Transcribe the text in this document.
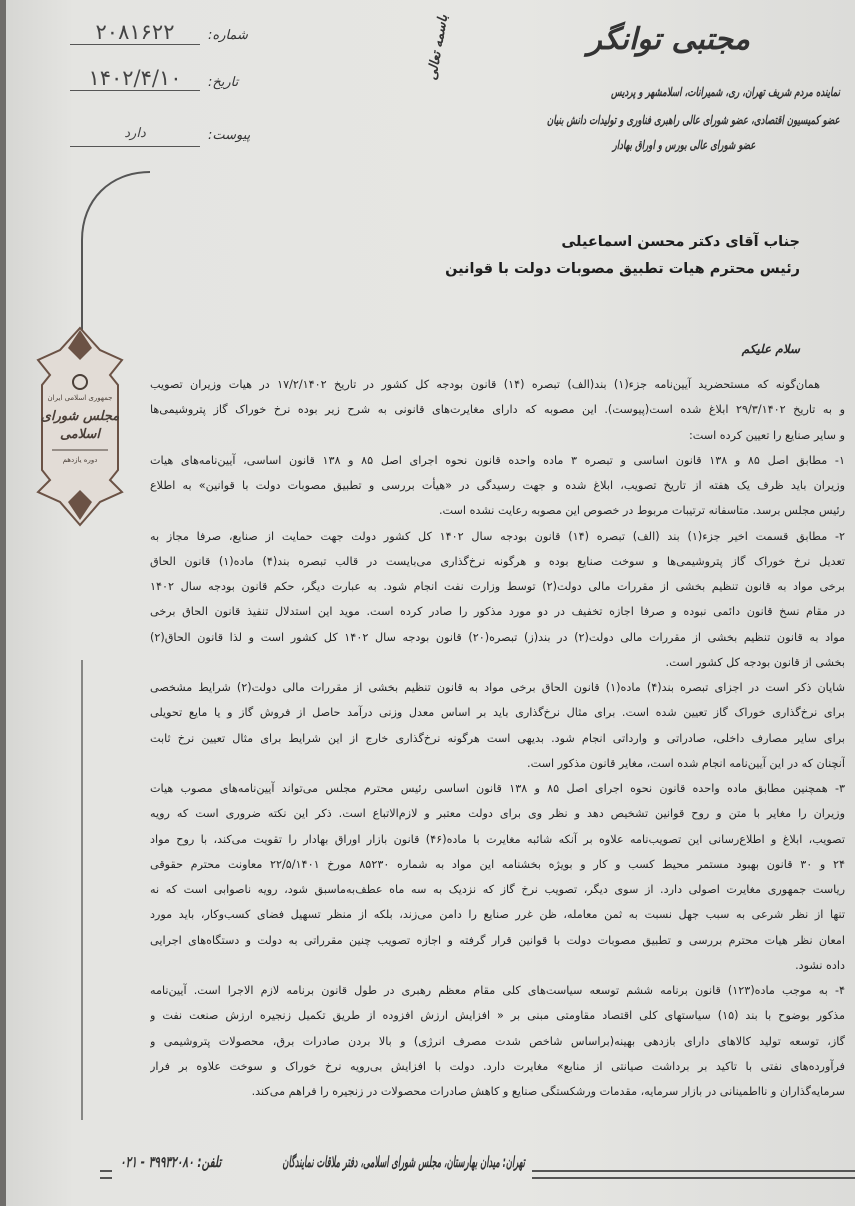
مجتبی توانگر
نماینده مردم شریف تهران، ری، شمیرانات، اسلامشهر و پردیس
عضو کمیسیون اقتصادی، عضو شورای عالی راهبری فناوری و تولیدات دانش بنیان
عضو شورای عالی بورس و اوراق بهادار
باسمه تعالی
شماره:
۲۰۸۱۶۲۲
تاریخ:
۱۴۰۲/۴/۱۰
پیوست:
دارد
جمهوری اسلامی ایران
مجلس شورای اسلامی
دوره یازدهم
جناب آقای دکتر محسن اسماعیلی
رئیس محترم هیات تطبیق مصوبات دولت با قوانین
سلام علیکم
همان‌گونه که مستحضرید آیین‌نامه جزء(۱) بند(الف) تبصره (۱۴) قانون بودجه کل کشور در تاریخ ۱۷/۲/۱۴۰۲ در هیات وزیران تصویب
و به تاریخ ۲۹/۳/۱۴۰۲ ابلاغ شده است(پیوست). این مصوبه که دارای مغایرت‌های قانونی به شرح زیر بوده نرخ خوراک گاز پتروشیمی‌ها
و سایر صنایع را تعیین کرده است:
۱- مطابق اصل ۸۵ و ۱۳۸ قانون اساسی و تبصره ۳ ماده واحده قانون نحوه اجرای اصل ۸۵ و ۱۳۸ قانون اساسی، آیین‌نامه‌های هیات
وزیران باید ظرف یک هفته از تاریخ تصویب، ابلاغ شده و جهت رسیدگی در «هیأت بررسی و تطبیق مصوبات دولت با قوانین» به اطلاع
رئیس مجلس برسد. متاسفانه ترتیبات مربوط در خصوص این مصوبه رعایت نشده است.
۲- مطابق قسمت اخیر جزء(۱) بند (الف) تبصره (۱۴) قانون بودجه سال ۱۴۰۲ کل کشور دولت جهت حمایت از صنایع، صرفا مجاز به
تعدیل نرخ خوراک گاز پتروشیمی‌ها و سوخت صنایع بوده و هرگونه نرخ‌گذاری می‌بایست در قالب تبصره بند(۴) ماده(۱) قانون الحاق
برخی مواد به قانون تنظیم بخشی از مقررات مالی دولت(۲) توسط وزارت نفت انجام شود. به عبارت دیگر، حکم قانون بودجه سال ۱۴۰۲
در مقام نسخ قانون دائمی نبوده و صرفا اجازه تخفیف در دو مورد مذکور را صادر کرده است. موید این استدلال تنفیذ قانون الحاق برخی
مواد به قانون تنظیم بخشی از مقررات مالی دولت(۲) در بند(ز) تبصره(۲۰) قانون بودجه سال ۱۴۰۲ کل کشور است و لذا قانون الحاق(۲)
بخشی از قانون بودجه کل کشور است.
شایان ذکر است در اجزای تبصره بند(۴) ماده(۱) قانون الحاق برخی مواد به قانون تنظیم بخشی از مقررات مالی دولت(۲) شرایط مشخصی
برای نرخ‌گذاری خوراک گاز تعیین شده است. برای مثال نرخ‌گذاری باید بر اساس معدل وزنی درآمد حاصل از فروش گاز و یا مایع تحویلی
برای سایر مصارف داخلی، صادراتی و وارداتی انجام شود. بدیهی است هرگونه نرخ‌گذاری خارج از این شرایط برای مثال تعیین نرخ ثابت
آنچنان که در این آیین‌نامه انجام شده است، مغایر قانون مذکور است.
۳- همچنین مطابق ماده واحده قانون نحوه اجرای اصل ۸۵ و ۱۳۸ قانون اساسی رئیس محترم مجلس می‌تواند آیین‌نامه‌های مصوب هیات
وزیران را مغایر با متن و روح قوانین تشخیص دهد و نظر وی برای دولت معتبر و لازم‌الاتباع است. ذکر این نکته ضروری است که رویه
تصویب، ابلاغ و اطلاع‌رسانی این تصویب‌نامه علاوه بر آنکه شائبه مغایرت با ماده(۴۶) قانون بازار اوراق بهادار را تقویت می‌کند، با روح مواد
۲۴ و ۳۰ قانون بهبود مستمر محیط کسب و کار و بویژه بخشنامه این مواد به شماره ۸۵۲۳۰ مورخ ۲۲/۵/۱۴۰۱ معاونت محترم حقوقی
ریاست جمهوری مغایرت اصولی دارد. از سوی دیگر، تصویب نرخ گاز که نزدیک به سه ماه عطف‌به‌ماسبق شود، رویه ناصوابی است که نه
تنها از نظر شرعی به سبب جهل نسبت به ثمن معامله، ظن غرر صنایع را دامن می‌زند، بلکه از منظر تسهیل فضای کسب‌وکار، باید مورد
امعان نظر هیات محترم بررسی و تطبیق مصوبات دولت با قوانین قرار گرفته و اجازه تصویب چنین مقرراتی به دولت و دستگاه‌های اجرایی
داده نشود.
۴- به موجب ماده(۱۲۳) قانون برنامه ششم توسعه سیاست‌های کلی مقام معظم رهبری در طول قانون برنامه لازم الاجرا است. آیین‌نامه
مذکور بوضوح با بند (۱۵) سیاستهای کلی اقتصاد مقاومتی مبنی بر « افزایش ارزش افزوده از طریق تکمیل زنجیره ارزش صنعت نفت و
گاز، توسعه تولید کالاهای دارای بازدهی بهینه(براساس شاخص شدت مصرف انرژی) و بالا بردن صادرات برق، محصولات پتروشیمی و
فرآورده‌های نفتی با تاکید بر برداشت صیانتی از منابع» مغایرت دارد. دولت با افزایش بی‌رویه نرخ خوراک و سوخت علاوه بر فرار
سرمایه‌گذاران و نااطمینانی در بازار سرمایه، مقدمات ورشکستگی صنایع و کاهش صادرات محصولات در زنجیره را فراهم می‌کند.
تهران: میدان بهارستان، مجلس شورای اسلامی، دفتر ملاقات نمایندگان
تلفن: ۰۲۱ - ۳۹۹۳۲۰۸۰
